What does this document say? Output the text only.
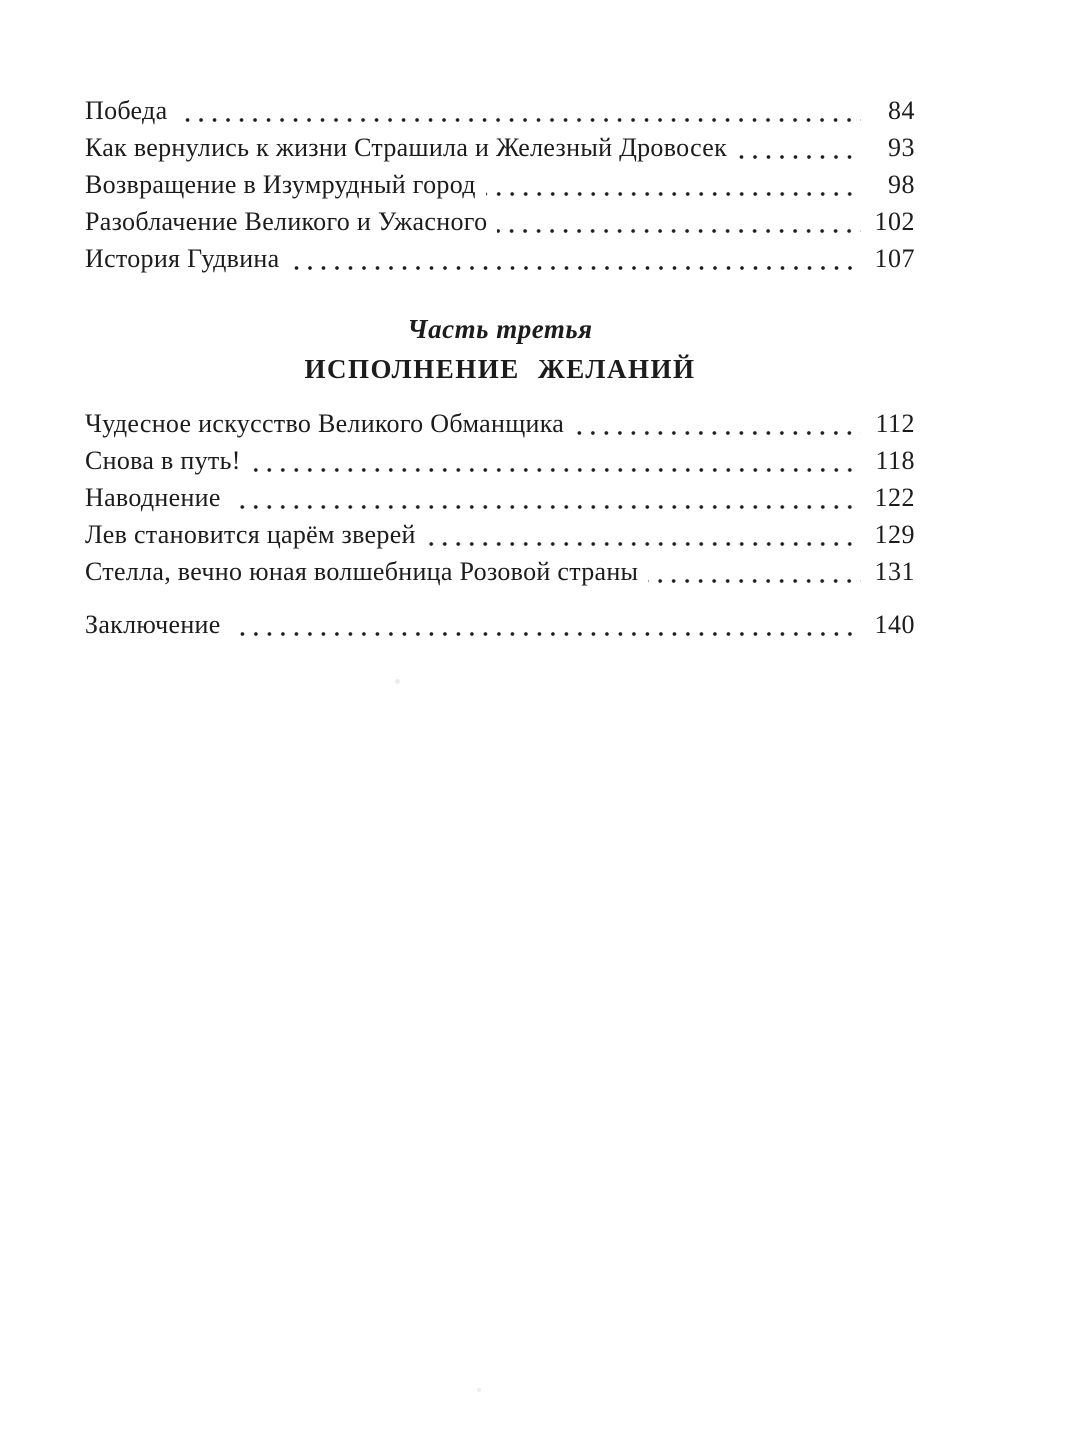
Победа	84
Как вернулись к жизни Страшила и Железный Дровосек	93
Возвращение в Изумрудный город	98
Разоблачение Великого и Ужасного	102
История Гудвина	107
Часть третья
ИСПОЛНЕНИЕ ЖЕЛАНИЙ
Чудесное искусство Великого Обманщика	112
Снова в путь!	118
Наводнение	122
Лев становится царём зверей	129
Стелла, вечно юная волшебница Розовой страны	131
Заключение	140
